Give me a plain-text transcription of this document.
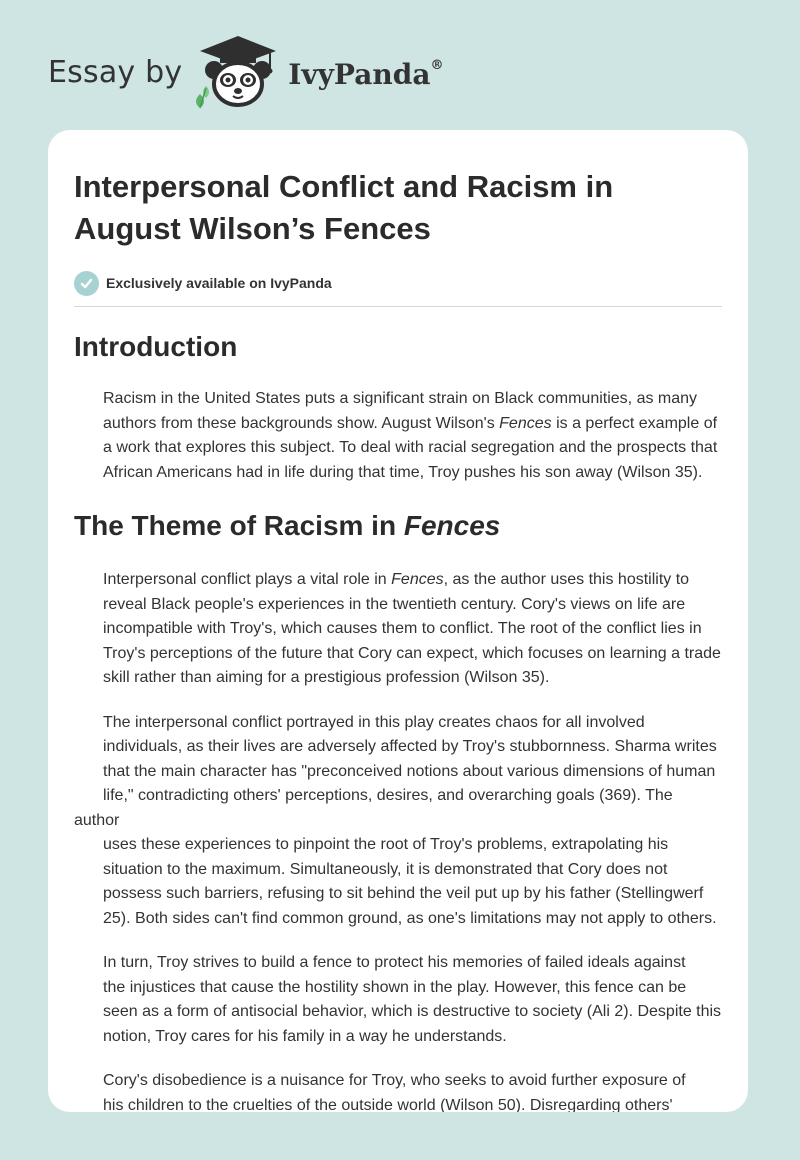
Essay by	IvyPanda®
Interpersonal Conflict and Racism in
August Wilson’s Fences
Exclusively available on IvyPanda
Introduction

Racism in the United States puts a significant strain on Black communities, as many
authors from these backgrounds show. August Wilson's Fences is a perfect example of
a work that explores this subject. To deal with racial segregation and the prospects that
African Americans had in life during that time, Troy pushes his son away (Wilson 35).

The Theme of Racism in Fences

Interpersonal conflict plays a vital role in Fences, as the author uses this hostility to
reveal Black people's experiences in the twentieth century. Cory's views on life are
incompatible with Troy's, which causes them to conflict. The root of the conflict lies in
Troy's perceptions of the future that Cory can expect, which focuses on learning a trade
skill rather than aiming for a prestigious profession (Wilson 35).

The interpersonal conflict portrayed in this play creates chaos for all involved
individuals, as their lives are adversely affected by Troy's stubbornness. Sharma writes
that the main character has "preconceived notions about various dimensions of human
life," contradicting others' perceptions, desires, and overarching goals (369). The author
uses these experiences to pinpoint the root of Troy's problems, extrapolating his
situation to the maximum. Simultaneously, it is demonstrated that Cory does not
possess such barriers, refusing to sit behind the veil put up by his father (Stellingwerf
25). Both sides can't find common ground, as one's limitations may not apply to others.

In turn, Troy strives to build a fence to protect his memories of failed ideals against
the injustices that cause the hostility shown in the play. However, this fence can be
seen as a form of antisocial behavior, which is destructive to society (Ali 2). Despite this
notion, Troy cares for his family in a way he understands.

Cory's disobedience is a nuisance for Troy, who seeks to avoid further exposure of
his children to the cruelties of the outside world (Wilson 50). Disregarding others'
